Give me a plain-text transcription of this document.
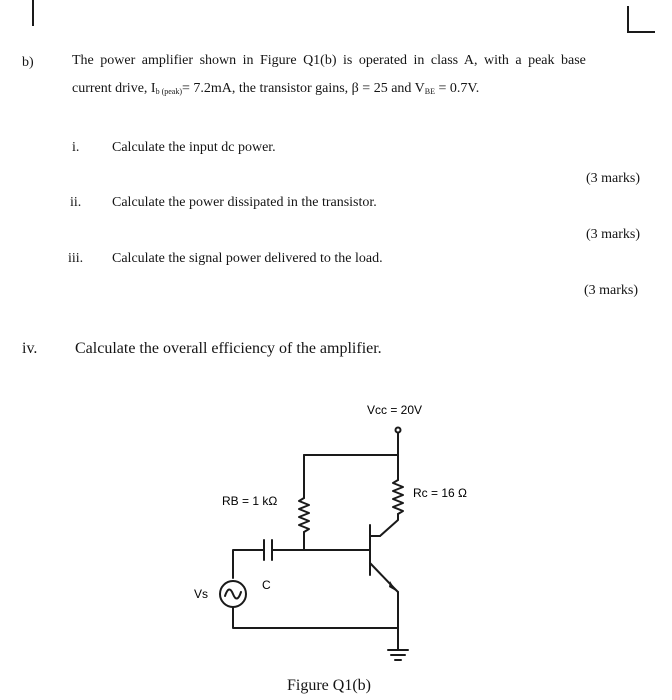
b)	The power amplifier shown in Figure Q1(b) is operated in class A, with a peak base
current drive, Ib (peak)= 7.2mA, the transistor gains, β = 25 and VBE = 0.7V.
i. Calculate the input dc power.
(3 marks)
ii. Calculate the power dissipated in the transistor.
(3 marks)
iii. Calculate the signal power delivered to the load.
(3 marks)
iv. Calculate the overall efficiency of the amplifier.
Vcc = 20V
Rc = 16 Ω
RB = 1 kΩ
C
Vs
Figure Q1(b)
